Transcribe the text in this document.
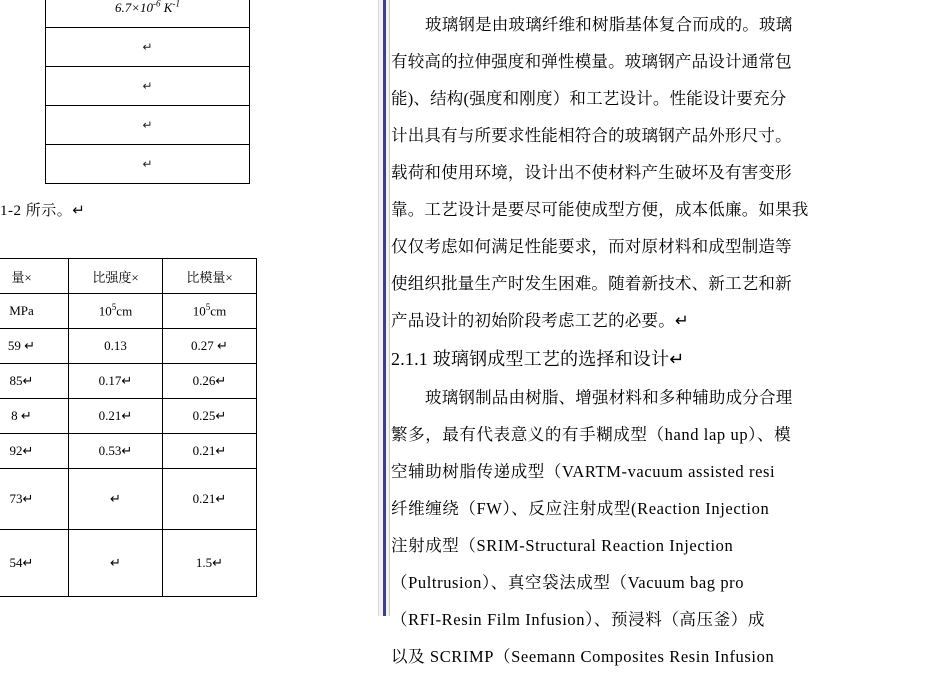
$6.7\times 10^{-6}$ $K^{-1}$
↵
↵
↵
↵
1-2 所示。↵
量×	比强度×	比模量×
MPa	$10^5cm$	$10^5cm$
59 ↵	0.13	0.27 ↵
85↵	0.17↵	0.26↵
8 ↵	0.21↵	0.25↵
92↵	0.53↵	0.21↵
73↵	↵	0.21↵
54↵	↵	1.5↵
玻璃钢是由玻璃纤维和树脂基体复合而成的。玻璃
有较高的拉伸强度和弹性模量。玻璃钢产品设计通常包
能)、结构(强度和刚度）和工艺设计。性能设计要充分
计出具有与所要求性能相符合的玻璃钢产品外形尺寸。
载荷和使用环境，设计出不使材料产生破坏及有害变形
靠。工艺设计是要尽可能使成型方便，成本低廉。如果我
仅仅考虑如何满足性能要求，而对原材料和成型制造等
使组织批量生产时发生困难。随着新技术、新工艺和新
产品设计的初始阶段考虑工艺的必要。↵
2.1.1 玻璃钢成型工艺的选择和设计↵
玻璃钢制品由树脂、增强材料和多种辅助成分合理
繁多，最有代表意义的有手糊成型（hand lap up）、模
空辅助树脂传递成型（VARTM-vacuum assisted resi
纤维缠绕（FW）、反应注射成型(Reaction Injection
注射成型（SRIM-Structural Reaction Injection
（Pultrusion）、真空袋法成型（Vacuum bag pro
（RFI-Resin Film Infusion）、预浸料（高压釜）成
以及 SCRIMP（Seemann Composites Resin Infusion
